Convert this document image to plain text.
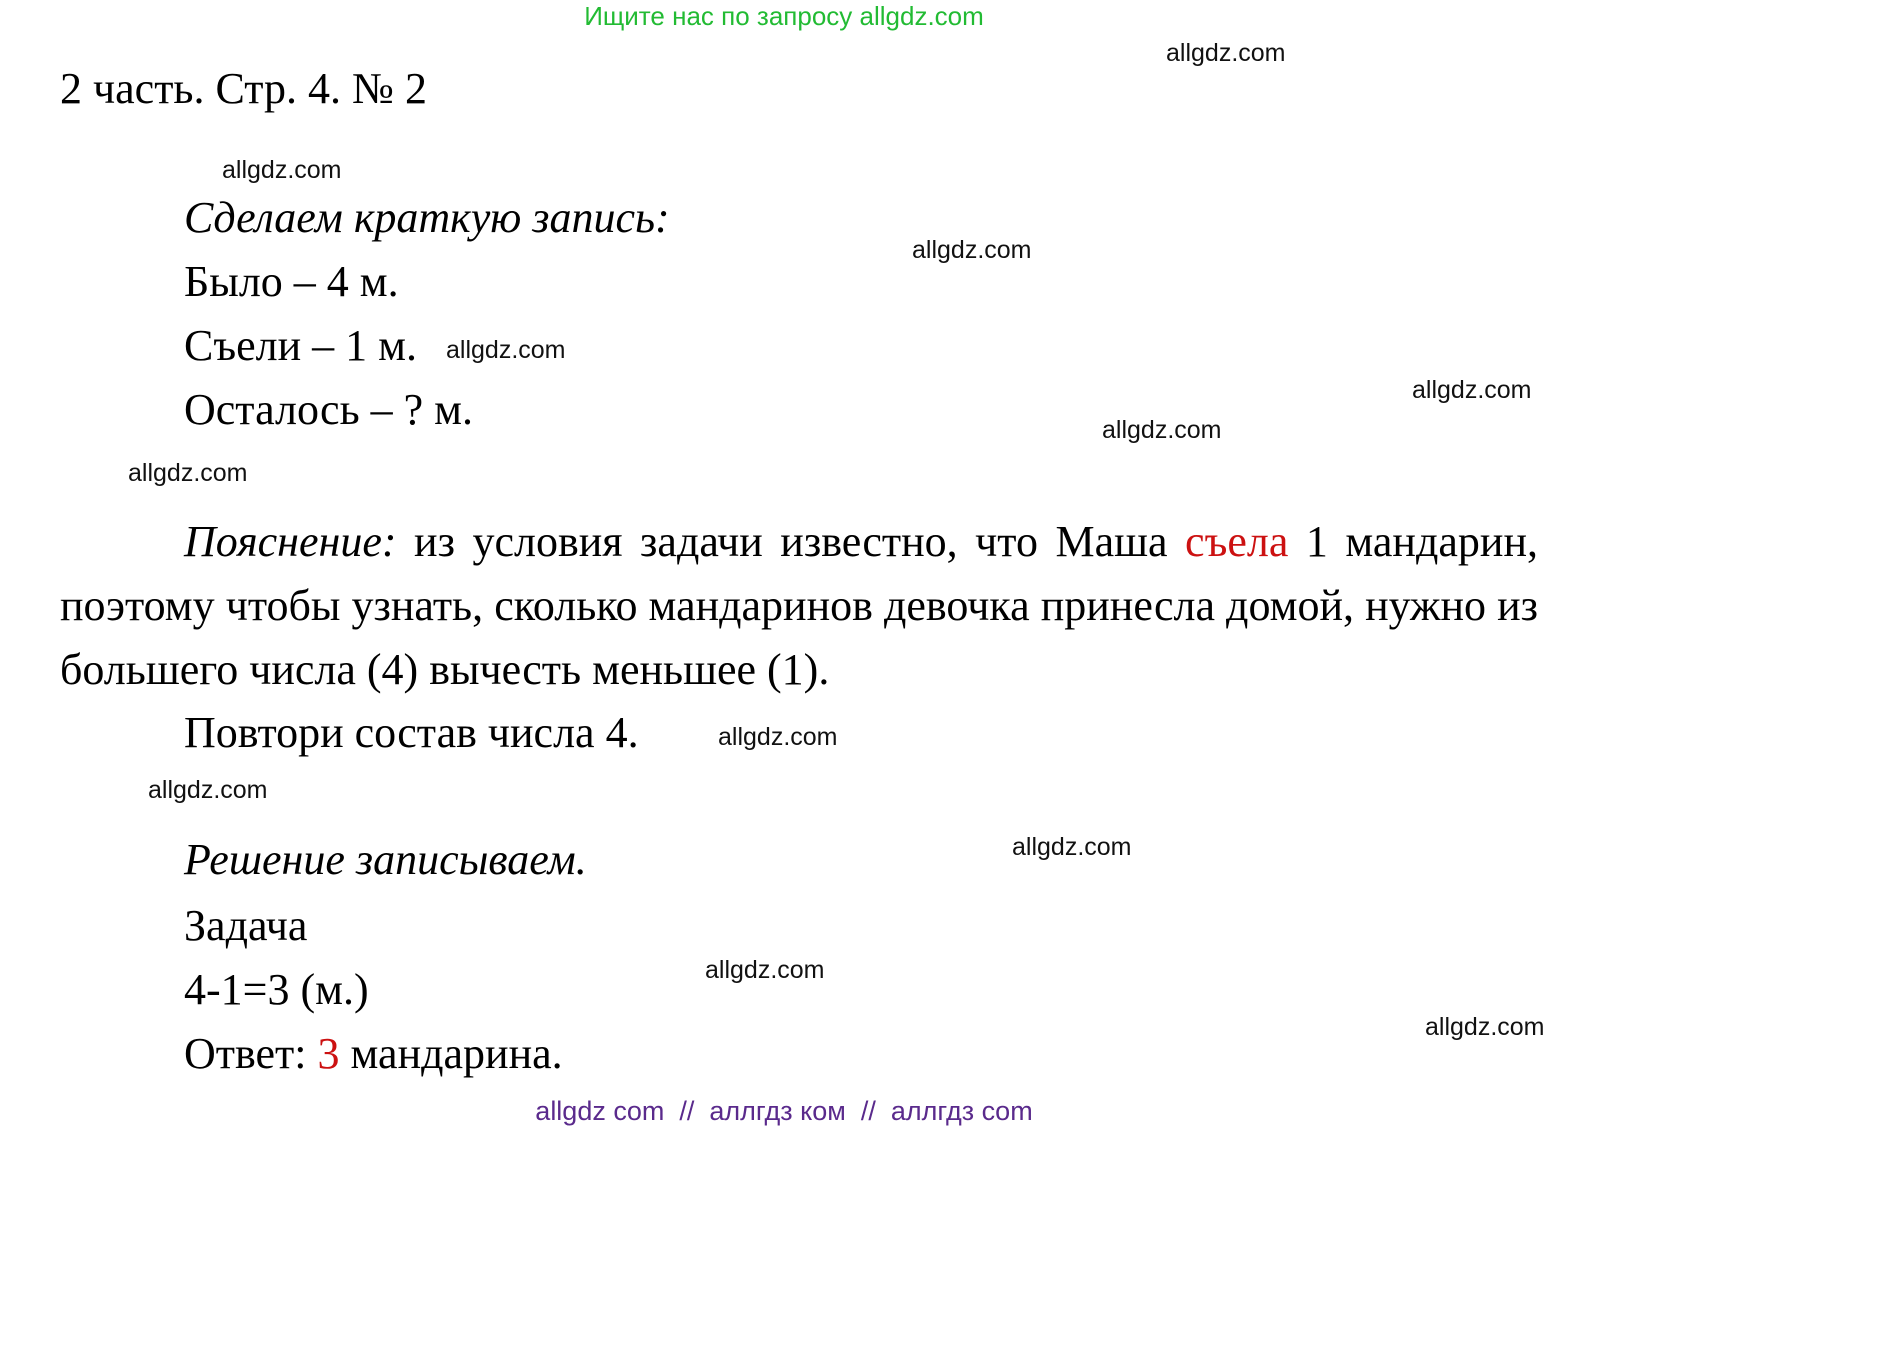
Ищите нас по запросу allgdz.com
2 часть. Стр. 4. № 2
allgdz.com
allgdz.com
allgdz.com
allgdz.com
allgdz.com
allgdz.com
allgdz.com
allgdz.com
allgdz.com
allgdz.com
allgdz.com
allgdz.com
Сделаем краткую запись:
Было – 4 м.
Съели – 1 м.
Осталось – ? м.
Пояснение: из условия задачи известно, что Маша съела 1 мандарин, поэтому чтобы узнать, сколько мандаринов девочка принесла домой, нужно из большего числа (4) вычесть меньшее (1).
Повтори состав числа 4.
Решение записываем.
Задача
4-1=3 (м.)
Ответ: 3 мандарина.
allgdz com  //  аллгдз ком  //  аллгдз com
